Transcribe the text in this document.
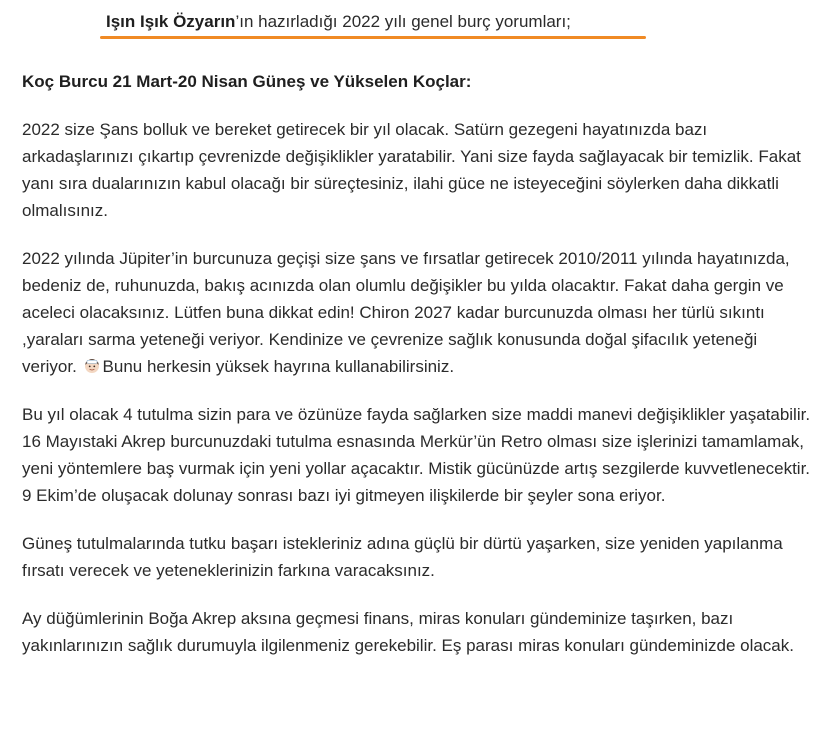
Işın Işık Özyarın’ın hazırladığı 2022 yılı genel burç yorumları;

Koç Burcu 21 Mart-20 Nisan Güneş ve Yükselen Koçlar:

2022 size Şans bolluk ve bereket getirecek bir yıl olacak. Satürn gezegeni hayatınızda bazı arkadaşlarınızı çıkartıp çevrenizde değişiklikler yaratabilir. Yani size fayda sağlayacak bir temizlik. Fakat yanı sıra dualarınızın kabul olacağı bir süreçtesiniz, ilahi güce ne isteyeceğini söylerken daha dikkatli olmalısınız.

2022 yılında Jüpiter’in burcunuza geçişi size şans ve fırsatlar getirecek 2010/2011 yılında hayatınızda, bedeniz de, ruhunuzda, bakış acınızda olan olumlu değişikler bu yılda olacaktır. Fakat daha gergin ve aceleci olacaksınız. Lütfen buna dikkat edin! Chiron 2027 kadar burcunuzda olması her türlü sıkıntı ,yaraları sarma yeteneği veriyor. Kendinize ve çevrenize sağlık konusunda doğal şifacılık yeteneği veriyor. Bunu herkesin yüksek hayrına kullanabilirsiniz.

Bu yıl olacak 4 tutulma sizin para ve özünüze fayda sağlarken size maddi manevi değişiklikler yaşatabilir. 16 Mayıstaki Akrep burcunuzdaki tutulma esnasında Merkür’ün Retro olması size işlerinizi tamamlamak, yeni yöntemlere baş vurmak için yeni yollar açacaktır. Mistik gücünüzde artış sezgilerde kuvvetlenecektir. 9 Ekim’de oluşacak dolunay sonrası bazı iyi gitmeyen ilişkilerde bir şeyler sona eriyor.

Güneş tutulmalarında tutku başarı istekleriniz adına güçlü bir dürtü yaşarken, size yeniden yapılanma fırsatı verecek ve yeteneklerinizin farkına varacaksınız.

Ay düğümlerinin Boğa Akrep aksına geçmesi finans, miras konuları gündeminize taşırken, bazı yakınlarınızın sağlık durumuyla ilgilenmeniz gerekebilir. Eş parası miras konuları gündeminizde olacak.
